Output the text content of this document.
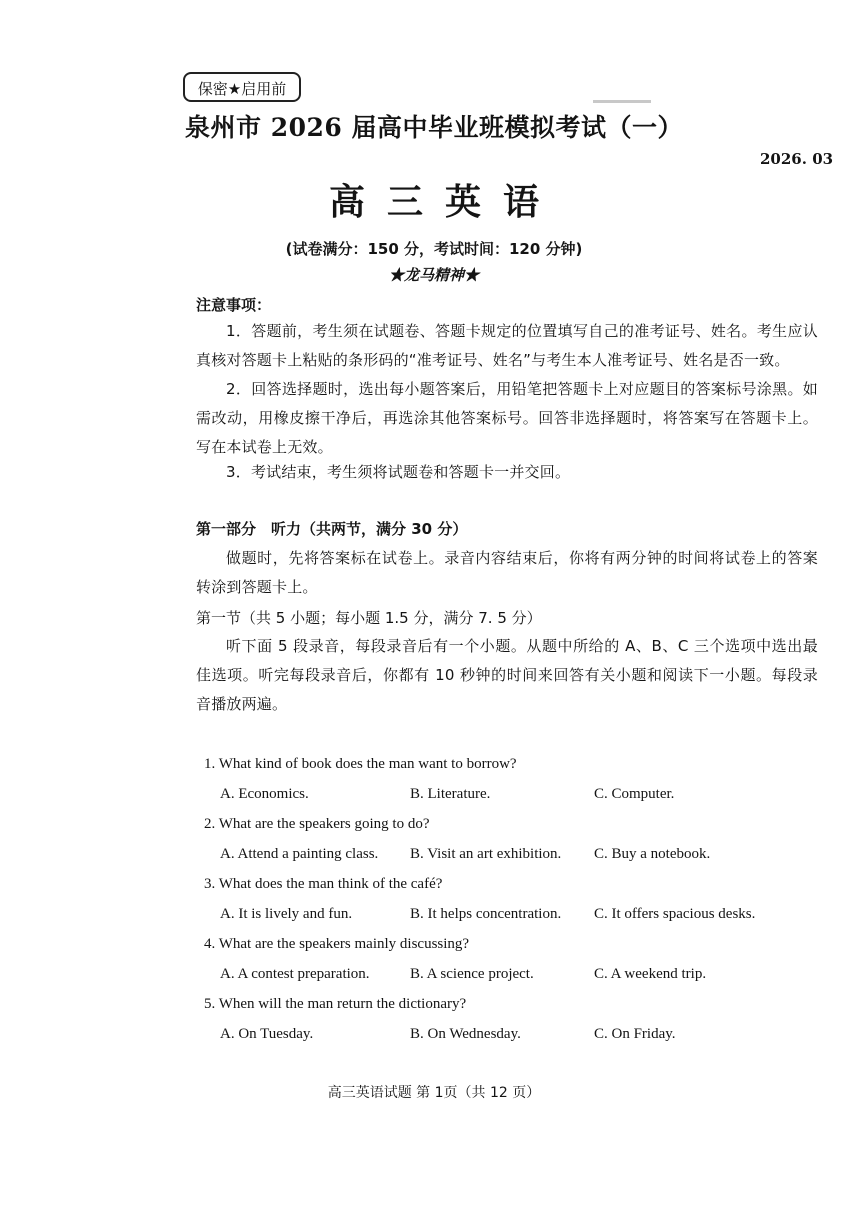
保密★启用前
泉州市 2026 届高中毕业班模拟考试（一）
2026. 03
高三英语
(试卷满分：150 分，考试时间：120 分钟)
★龙马精神★
注意事项：
1．答题前，考生须在试题卷、答题卡规定的位置填写自己的准考证号、姓名。考生应认真核对答题卡上粘贴的条形码的“准考证号、姓名”与考生本人准考证号、姓名是否一致。
2．回答选择题时，选出每小题答案后，用铅笔把答题卡上对应题目的答案标号涂黑。如需改动，用橡皮擦干净后，再选涂其他答案标号。回答非选择题时，将答案写在答题卡上。写在本试卷上无效。
3．考试结束，考生须将试题卷和答题卡一并交回。
第一部分　听力（共两节，满分 30 分）
做题时，先将答案标在试卷上。录音内容结束后，你将有两分钟的时间将试卷上的答案转涂到答题卡上。
第一节（共 5 小题；每小题 1.5 分，满分 7. 5 分）
听下面 5 段录音，每段录音后有一个小题。从题中所给的 A、B、C 三个选项中选出最佳选项。听完每段录音后，你都有 10 秒钟的时间来回答有关小题和阅读下一小题。每段录音播放两遍。
1. What kind of book does the man want to borrow?
A. Economics.	B. Literature.	C. Computer.
2. What are the speakers going to do?
A. Attend a painting class. B. Visit an art exhibition. C. Buy a notebook.
3. What does the man think of the café?
A. It is lively and fun.	B. It helps concentration. C. It offers spacious desks.
4. What are the speakers mainly discussing?
A. A contest preparation.	B. A science project.	C. A weekend trip.
5. When will the man return the dictionary?
A. On Tuesday.	B. On Wednesday.	C. On Friday.
高三英语试题 第 1页（共 12 页）
